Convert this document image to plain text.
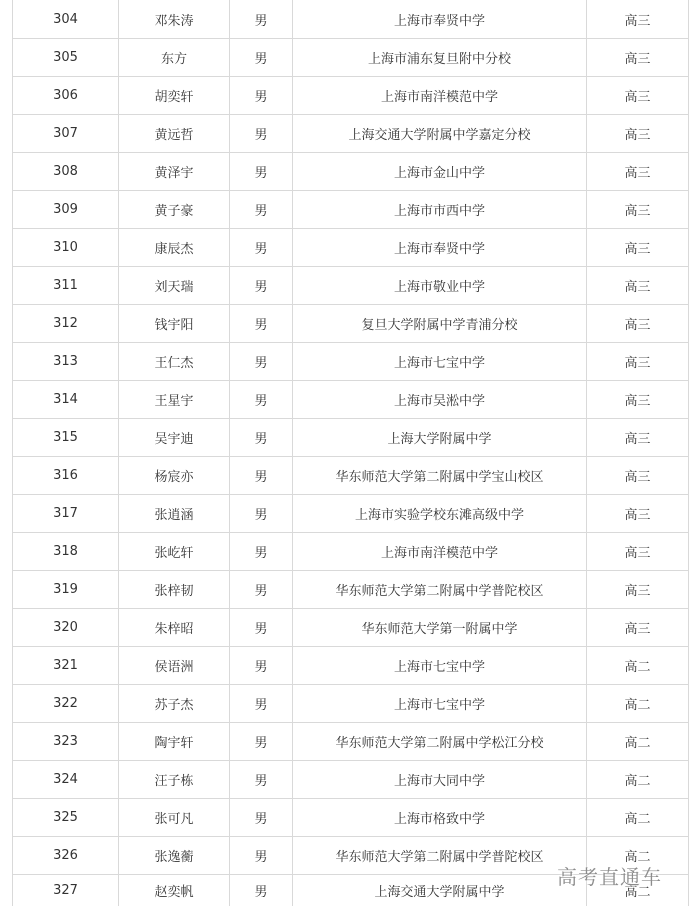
304	邓朱涛	男	上海市奉贤中学	高三
305	东方	男	上海市浦东复旦附中分校	高三
306	胡奕轩	男	上海市南洋模范中学	高三
307	黄远哲	男	上海交通大学附属中学嘉定分校	高三
308	黄泽宇	男	上海市金山中学	高三
309	黄子豪	男	上海市市西中学	高三
310	康辰杰	男	上海市奉贤中学	高三
311	刘天瑞	男	上海市敬业中学	高三
312	钱宇阳	男	复旦大学附属中学青浦分校	高三
313	王仁杰	男	上海市七宝中学	高三
314	王星宇	男	上海市吴淞中学	高三
315	吴宇迪	男	上海大学附属中学	高三
316	杨宸亦	男	华东师范大学第二附属中学宝山校区	高三
317	张逍涵	男	上海市实验学校东滩高级中学	高三
318	张屹轩	男	上海市南洋模范中学	高三
319	张梓韧	男	华东师范大学第二附属中学普陀校区	高三
320	朱梓昭	男	华东师范大学第一附属中学	高三
321	侯语洲	男	上海市七宝中学	高二
322	苏子杰	男	上海市七宝中学	高二
323	陶宇轩	男	华东师范大学第二附属中学松江分校	高二
324	汪子栋	男	上海市大同中学	高二
325	张可凡	男	上海市格致中学	高二
326	张逸蘅	男	华东师范大学第二附属中学普陀校区	高二
327	赵奕帆	男	上海交通大学附属中学	高二
高考直通车
